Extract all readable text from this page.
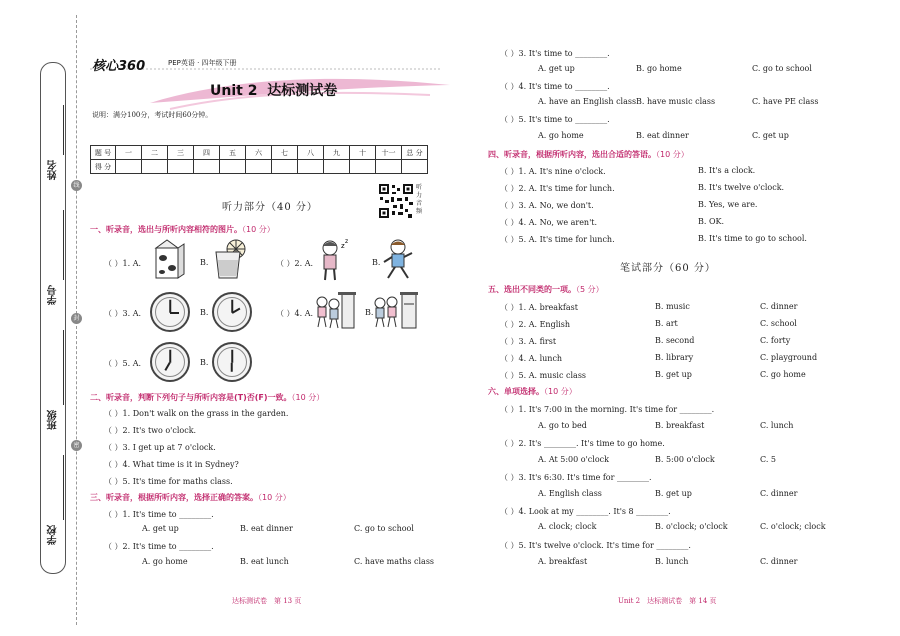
姓名
学号
班级
学校
线
封
密
核心360	PEP英语 · 四年级下册
Unit 2  达标测试卷
说明：满分100分，考试时间60分钟。
题 号	一	二	三	四	五	六	七	八	九	十	十一	总 分
得 分												
听力音频
听力部分（40 分）
一、听录音，选出与所听内容相符的图片。（10 分）
（ ）1. A.	B.	（ ）2. A.
z
z
B.
（ ）3. A.	B.	（ ）4. A.	B.
（ ）5. A.	B.
二、听录音，判断下列句子与所听内容是(T)否(F)一致。（10 分）
（ ）1. Don't walk on the grass in the garden.
（ ）2. It's two o'clock.
（ ）3. I get up at 7 o'clock.
（ ）4. What time is it in Sydney?
（ ）5. It's time for maths class.
三、听录音，根据所听内容，选择正确的答案。（10 分）
（ ）1. It's time to ________.
A. get up	B. eat dinner	C. go to school
（ ）2. It's time to ________.
A. go home	B. eat lunch	C. have maths class
达标测试卷　第 13 页
（ ）3. It's time to ________.
A. get up	B. go home	C. go to school
（ ）4. It's time to ________.
A. have an English class B. have music class	C. have PE class
（ ）5. It's time to ________.
A. go home	B. eat dinner	C. get up
四、听录音，根据所听内容，选出合适的答语。（10 分）
（ ）1. A. It's nine o'clock.	B. It's a clock.
（ ）2. A. It's time for lunch.	B. It's twelve o'clock.
（ ）3. A. No, we don't.	B. Yes, we are.
（ ）4. A. No, we aren't.	B. OK.
（ ）5. A. It's time for lunch.	B. It's time to go to school.
笔试部分（60 分）
五、选出不同类的一项。（5 分）
（ ）1. A. breakfast	B. music	C. dinner
（ ）2. A. English	B. art	C. school
（ ）3. A. first	B. second	C. forty
（ ）4. A. lunch	B. library	C. playground
（ ）5. A. music class	B. get up	C. go home
六、单项选择。（10 分）
（ ）1. It's 7:00 in the morning. It's time for ________.
A. go to bed	B. breakfast	C. lunch
（ ）2. It's ________. It's time to go home.
A. At 5:00 o'clock	B. 5:00 o'clock	C. 5
（ ）3. It's 6:30. It's time for ________.
A. English class	B. get up	C. dinner
（ ）4. Look at my ________. It's 8 ________.
A. clock; clock	B. o'clock; o'clock	C. o'clock; clock
（ ）5. It's twelve o'clock. It's time for ________.
A. breakfast	B. lunch	C. dinner
Unit 2　达标测试卷　第 14 页
